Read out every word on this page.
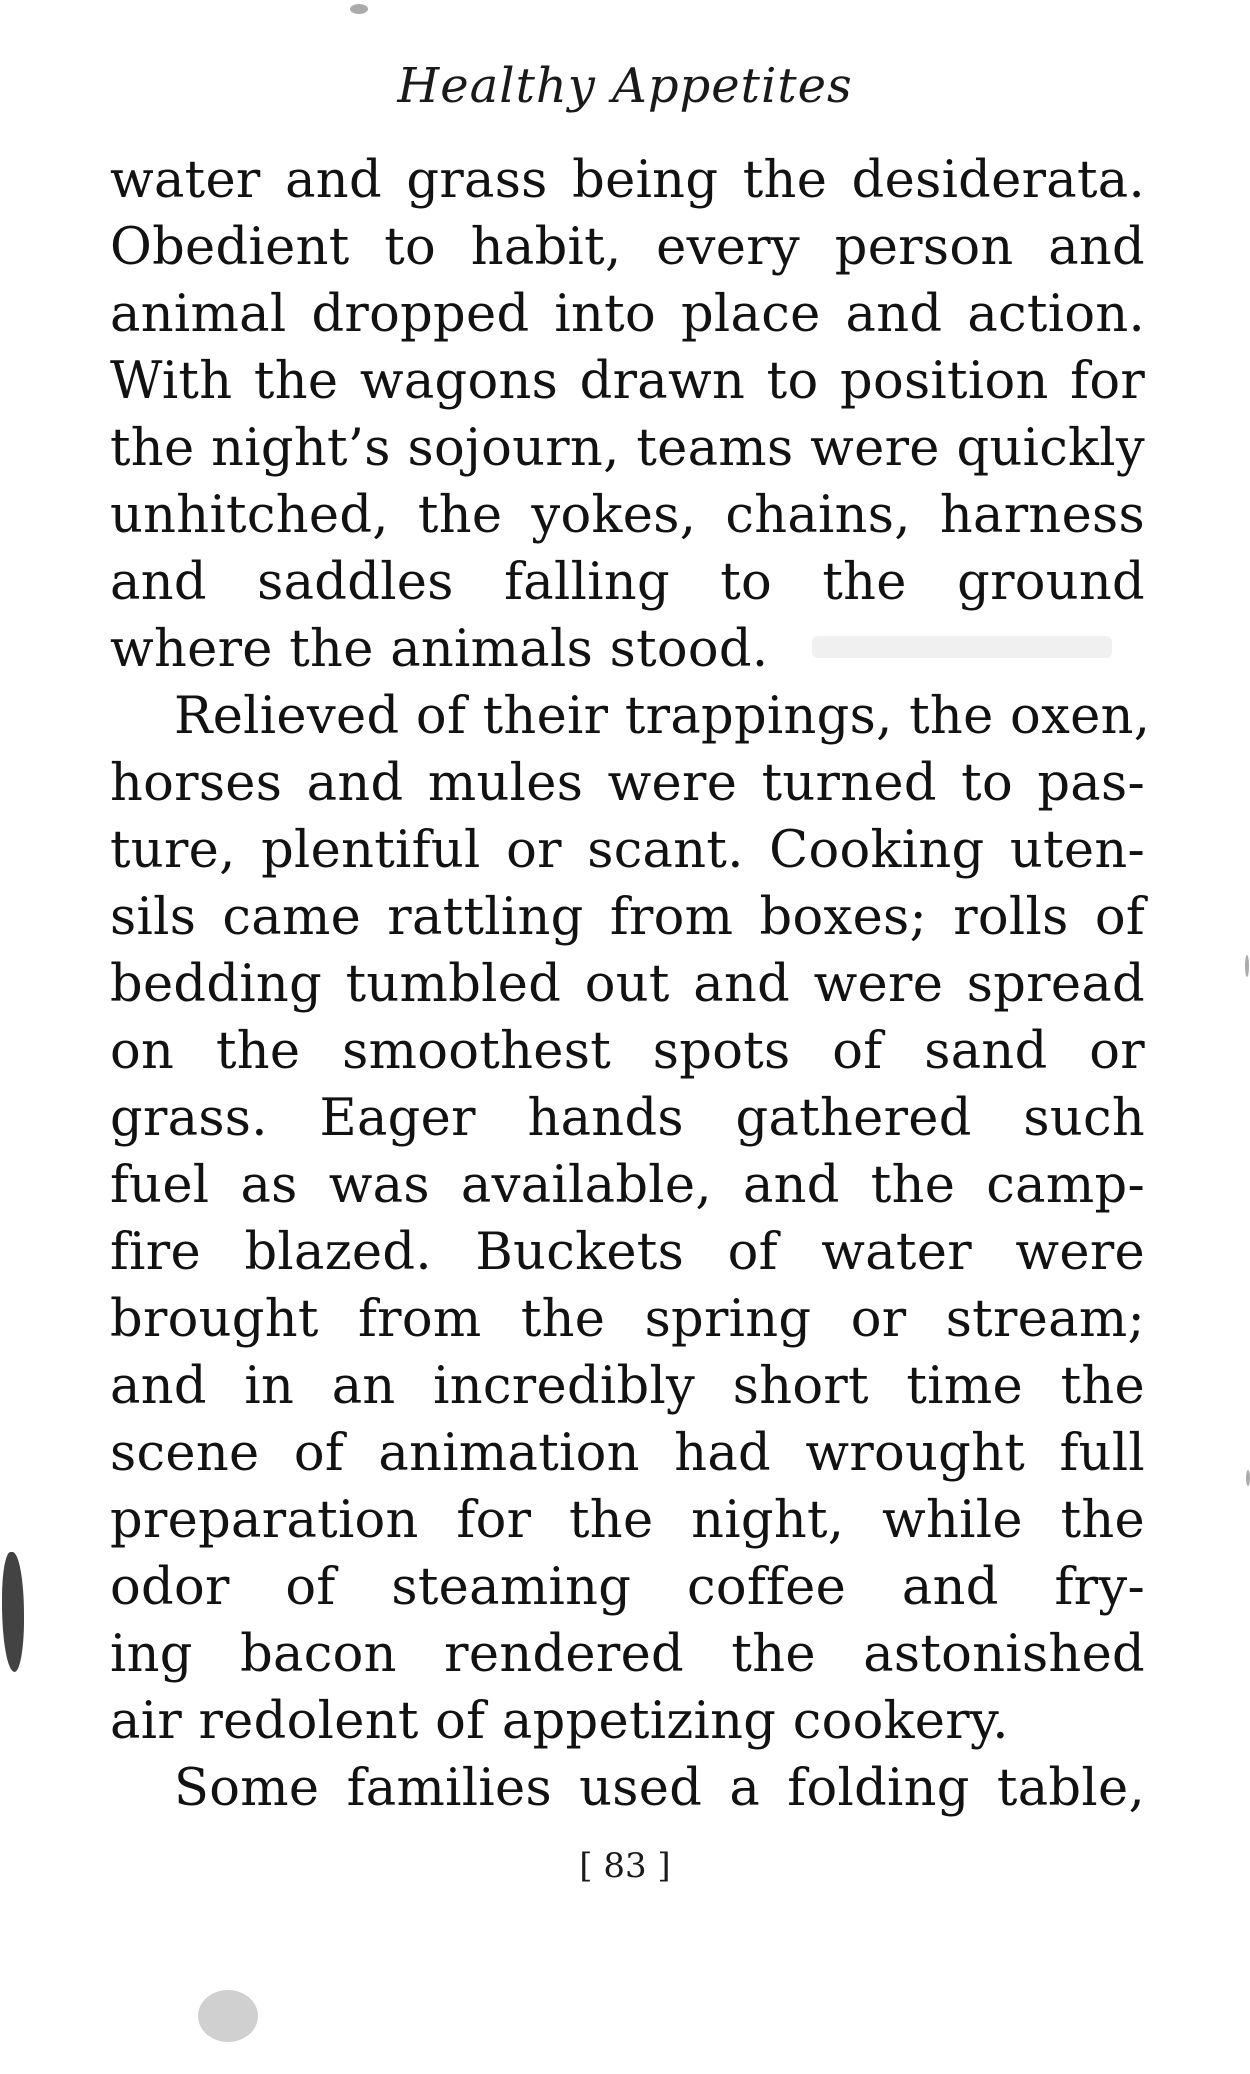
Healthy Appetites
water and grass being the desiderata.
Obedient to habit, every person and
animal dropped into place and action.
With the wagons drawn to position for
the night’s sojourn, teams were quickly
unhitched, the yokes, chains, harness
and saddles falling to the ground
where the animals stood.
Relieved of their trappings, the oxen,
horses and mules were turned to pas-
ture, plentiful or scant. Cooking uten-
sils came rattling from boxes; rolls of
bedding tumbled out and were spread
on the smoothest spots of sand or
grass. Eager hands gathered such
fuel as was available, and the camp-
fire blazed. Buckets of water were
brought from the spring or stream;
and in an incredibly short time the
scene of animation had wrought full
preparation for the night, while the
odor of steaming coffee and fry-
ing bacon rendered the astonished
air redolent of appetizing cookery.
Some families used a folding table,
[ 83 ]
